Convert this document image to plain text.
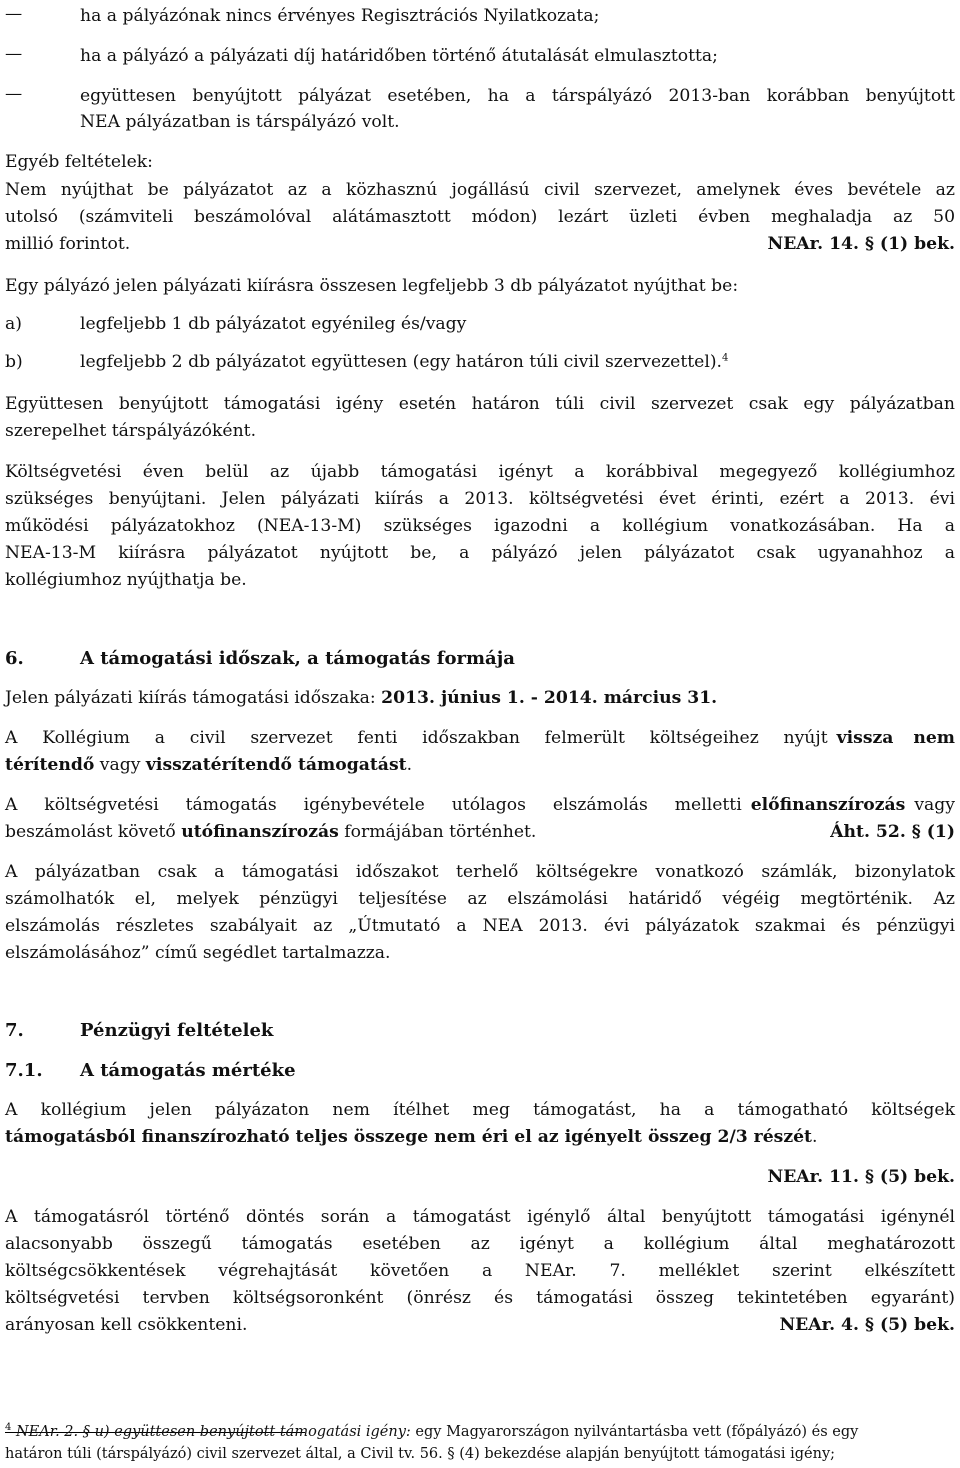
—	ha a pályázónak nincs érvényes Regisztrációs Nyilatkozata;
—	ha a pályázó a pályázati díj határidőben történő átutalását elmulasztotta;
—	együttesen benyújtott pályázat esetében, ha a társpályázó 2013-ban korábban benyújtott
NEA pályázatban is társpályázó volt.
Egyéb feltételek:
Nem nyújthat be pályázatot az a közhasznú jogállású civil szervezet, amelynek éves bevétele az
utolsó (számviteli beszámolóval alátámasztott módon) lezárt üzleti évben meghaladja az 50
millió forintot.	NEAr. 14. § (1) bek.
Egy pályázó jelen pályázati kiírásra összesen legfeljebb 3 db pályázatot nyújthat be:
a)	legfeljebb 1 db pályázatot egyénileg és/vagy
b)	legfeljebb 2 db pályázatot együttesen (egy határon túli civil szervezettel).$^4$
Együttesen benyújtott támogatási igény esetén határon túli civil szervezet csak egy pályázatban
szerepelhet társpályázóként.
Költségvetési éven belül az újabb támogatási igényt a korábbival megegyező kollégiumhoz
szükséges benyújtani. Jelen pályázati kiírás a 2013. költségvetési évet érinti, ezért a 2013. évi
működési pályázatokhoz (NEA-13-M) szükséges igazodni a kollégium vonatkozásában. Ha a
NEA-13-M kiírásra pályázatot nyújtott be, a pályázó jelen pályázatot csak ugyanahhoz a
kollégiumhoz nyújthatja be.
6.	A támogatási időszak, a támogatás formája
Jelen pályázati kiírás támogatási időszaka: 2013. június 1. - 2014. március 31.
A Kollégium a civil szervezet fenti időszakban felmerült költségeihez nyújt vissza nem
térítendő vagy visszatérítendő támogatást.
A költségvetési támogatás igénybevétele utólagos elszámolás melletti előfinanszírozás vagy
beszámolást követő utófinanszírozás formájában történhet.	Áht. 52. § (1)
A pályázatban csak a támogatási időszakot terhelő költségekre vonatkozó számlák, bizonylatok
számolhatók el, melyek pénzügyi teljesítése az elszámolási határidő végéig megtörténik. Az
elszámolás részletes szabályait az „Útmutató a NEA 2013. évi pályázatok szakmai és pénzügyi
elszámolásához” című segédlet tartalmazza.
7.	Pénzügyi feltételek
7.1. A támogatás mértéke
A kollégium jelen pályázaton nem ítélhet meg támogatást, ha a támogatható költségek
támogatásból finanszírozható teljes összege nem éri el az igényelt összeg 2/3 részét.
NEAr. 11. § (5) bek.
A támogatásról történő döntés során a támogatást igénylő által benyújtott támogatási igénynél
alacsonyabb összegű támogatás esetében az igényt a kollégium által meghatározott
költségcsökkentések végrehajtását követően a NEAr. 7. melléklet szerint elkészített
költségvetési tervben költségsoronként (önrész és támogatási összeg tekintetében egyaránt)
arányosan kell csökkenteni.	NEAr. 4. § (5) bek.
$^4$ NEAr. 2. § u) együttesen benyújtott támogatási igény: egy Magyarországon nyilvántartásba vett (főpályázó) és egy
határon túli (társpályázó) civil szervezet által, a Civil tv. 56. § (4) bekezdése alapján benyújtott támogatási igény;
